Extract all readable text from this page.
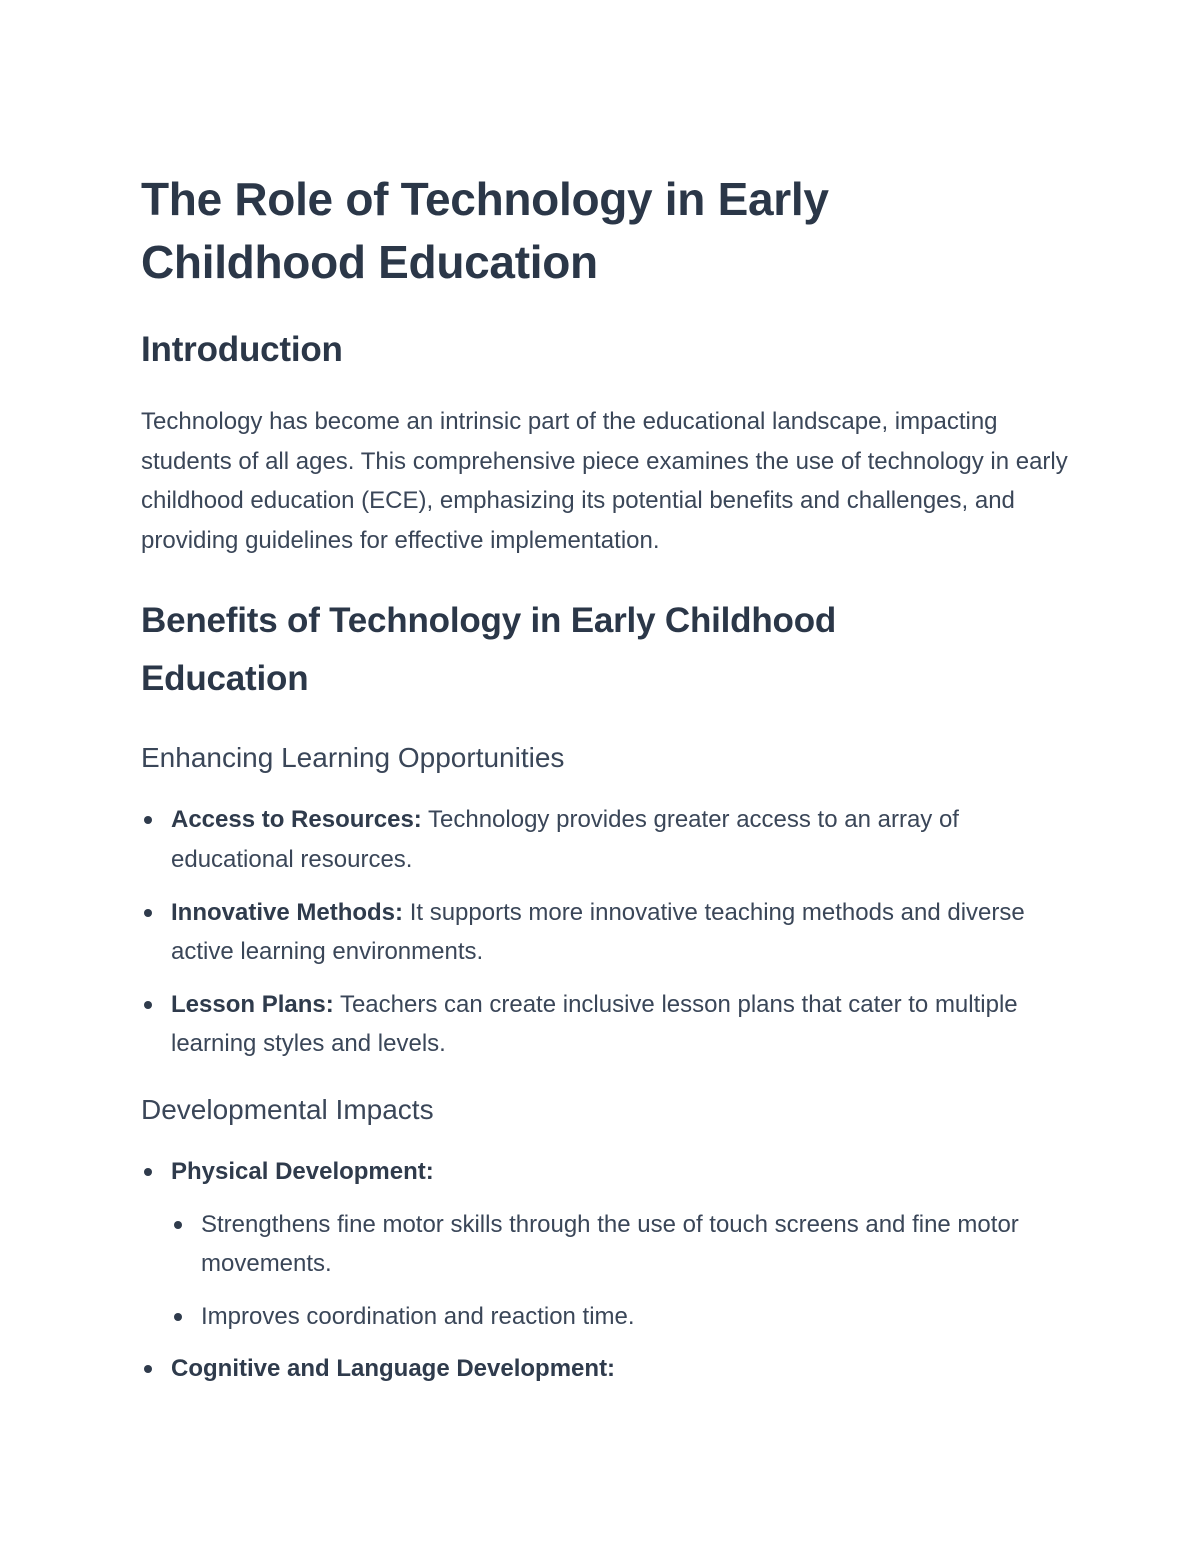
The Role of Technology in Early
Childhood Education
Introduction

Technology has become an intrinsic part of the educational landscape, impacting students of all ages. This comprehensive piece examines the use of technology in early childhood education (ECE), emphasizing its potential benefits and challenges, and providing guidelines for effective implementation.

Benefits of Technology in Early Childhood
Education
Enhancing Learning Opportunities
Access to Resources: Technology provides greater access to an array of educational resources.
Innovative Methods: It supports more innovative teaching methods and diverse active learning environments.
Lesson Plans: Teachers can create inclusive lesson plans that cater to multiple learning styles and levels.
Developmental Impacts
Physical Development:
Strengthens fine motor skills through the use of touch screens and fine motor movements.
Improves coordination and reaction time.
Cognitive and Language Development:
